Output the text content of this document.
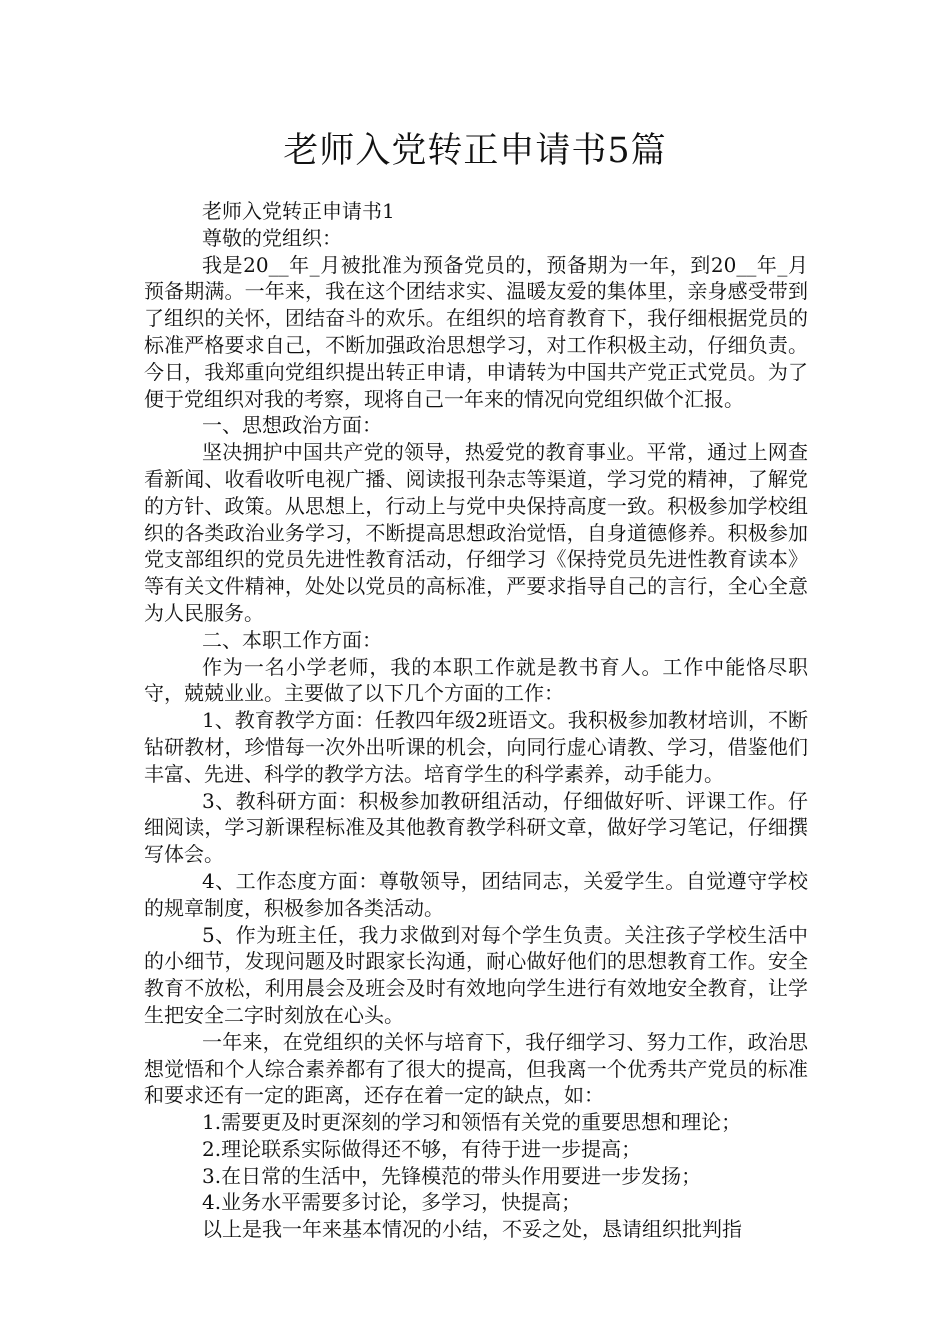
老师入党转正申请书5篇

老师入党转正申请书1

尊敬的党组织：

我是20__年_月被批准为预备党员的，预备期为一年，到20__年_月预备期满。一年来，我在这个团结求实、温暖友爱的集体里，亲身感受带到了组织的关怀，团结奋斗的欢乐。在组织的培育教育下，我仔细根据党员的标准严格要求自己，不断加强政治思想学习，对工作积极主动，仔细负责。今日，我郑重向党组织提出转正申请，申请转为中国共产党正式党员。为了便于党组织对我的考察，现将自己一年来的情况向党组织做个汇报。

一、思想政治方面：

坚决拥护中国共产党的领导，热爱党的教育事业。平常，通过上网查看新闻、收看收听电视广播、阅读报刊杂志等渠道，学习党的精神，了解党的方针、政策。从思想上，行动上与党中央保持高度一致。积极参加学校组织的各类政治业务学习，不断提高思想政治觉悟，自身道德修养。积极参加党支部组织的党员先进性教育活动，仔细学习《保持党员先进性教育读本》等有关文件精神，处处以党员的高标准，严要求指导自己的言行，全心全意为人民服务。

二、本职工作方面：

作为一名小学老师，我的本职工作就是教书育人。工作中能恪尽职守，兢兢业业。主要做了以下几个方面的工作：

1、教育教学方面：任教四年级2班语文。我积极参加教材培训，不断钻研教材，珍惜每一次外出听课的机会，向同行虚心请教、学习，借鉴他们丰富、先进、科学的教学方法。培育学生的科学素养，动手能力。

3、教科研方面：积极参加教研组活动，仔细做好听、评课工作。仔细阅读，学习新课程标准及其他教育教学科研文章，做好学习笔记，仔细撰写体会。

4、工作态度方面：尊敬领导，团结同志，关爱学生。自觉遵守学校的规章制度，积极参加各类活动。

5、作为班主任，我力求做到对每个学生负责。关注孩子学校生活中的小细节，发现问题及时跟家长沟通，耐心做好他们的思想教育工作。安全教育不放松，利用晨会及班会及时有效地向学生进行有效地安全教育，让学生把安全二字时刻放在心头。

一年来，在党组织的关怀与培育下，我仔细学习、努力工作，政治思想觉悟和个人综合素养都有了很大的提高，但我离一个优秀共产党员的标准和要求还有一定的距离，还存在着一定的缺点，如：

1.需要更及时更深刻的学习和领悟有关党的重要思想和理论；

2.理论联系实际做得还不够，有待于进一步提高；

3.在日常的生活中，先锋模范的带头作用要进一步发扬；

4.业务水平需要多讨论，多学习，快提高；

以上是我一年来基本情况的小结，不妥之处，恳请组织批判指
